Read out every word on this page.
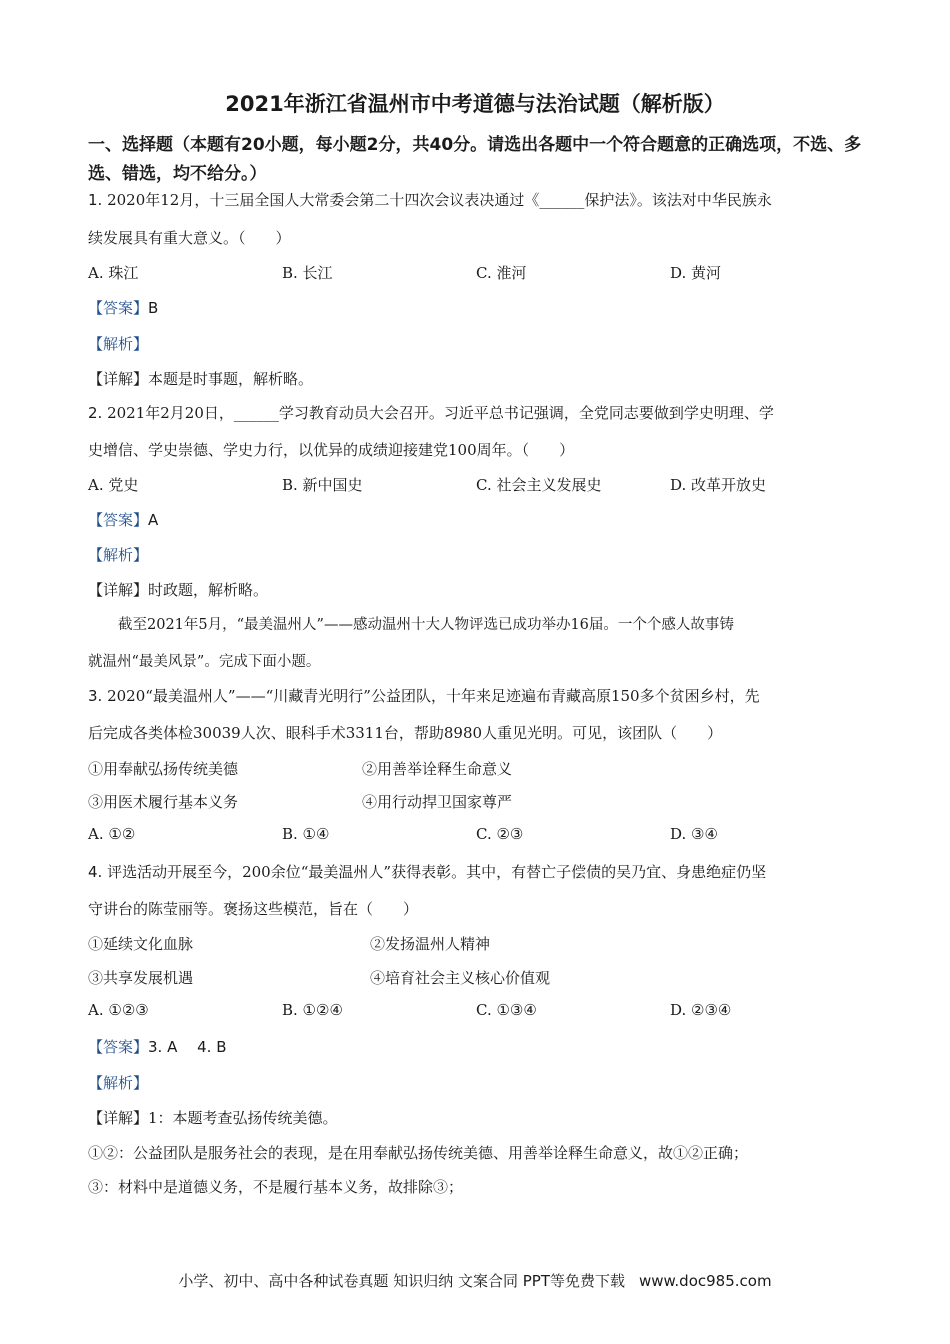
2021年浙江省温州市中考道德与法治试题（解析版）
一、选择题（本题有20小题，每小题2分，共40分。请选出各题中一个符合题意的正确选项，不选、多选、错选，均不给分。）
1. 2020年12月，十三届全国人大常委会第二十四次会议表决通过《______保护法》。该法对中华民族永
续发展具有重大意义。（　　）
A. 珠江	B. 长江	C. 淮河	D. 黄河
【答案】B
【解析】
【详解】本题是时事题，解析略。
2. 2021年2月20日，______学习教育动员大会召开。习近平总书记强调，全党同志要做到学史明理、学
史增信、学史崇德、学史力行，以优异的成绩迎接建党100周年。（　　）
A. 党史	B. 新中国史	C. 社会主义发展史	D. 改革开放史
【答案】A
【解析】
【详解】时政题，解析略。
截至2021年5月，“最美温州人”——感动温州十大人物评选已成功举办16届。一个个感人故事铸
就温州“最美风景”。完成下面小题。
3. 2020“最美温州人”——“川藏青光明行”公益团队，十年来足迹遍布青藏高原150多个贫困乡村，先
后完成各类体检30039人次、眼科手术3311台，帮助8980人重见光明。可见，该团队（　　）
①用奉献弘扬传统美德	②用善举诠释生命意义
③用医术履行基本义务	④用行动捍卫国家尊严
A. ①②	B. ①④	C. ②③	D. ③④
4. 评选活动开展至今，200余位“最美温州人”获得表彰。其中，有替亡子偿债的吴乃宜、身患绝症仍坚
守讲台的陈莹丽等。褒扬这些模范，旨在（　　）
①延续文化血脉	②发扬温州人精神
③共享发展机遇	④培育社会主义核心价值观
A. ①②③	B. ①②④	C. ①③④	D. ②③④
【答案】3. A　 4. B
【解析】
【详解】1：本题考查弘扬传统美德。
①②：公益团队是服务社会的表现，是在用奉献弘扬传统美德、用善举诠释生命意义，故①②正确；
③：材料中是道德义务，不是履行基本义务，故排除③；
小学、初中、高中各种试卷真题 知识归纳 文案合同 PPT等免费下载 www.doc985.com
